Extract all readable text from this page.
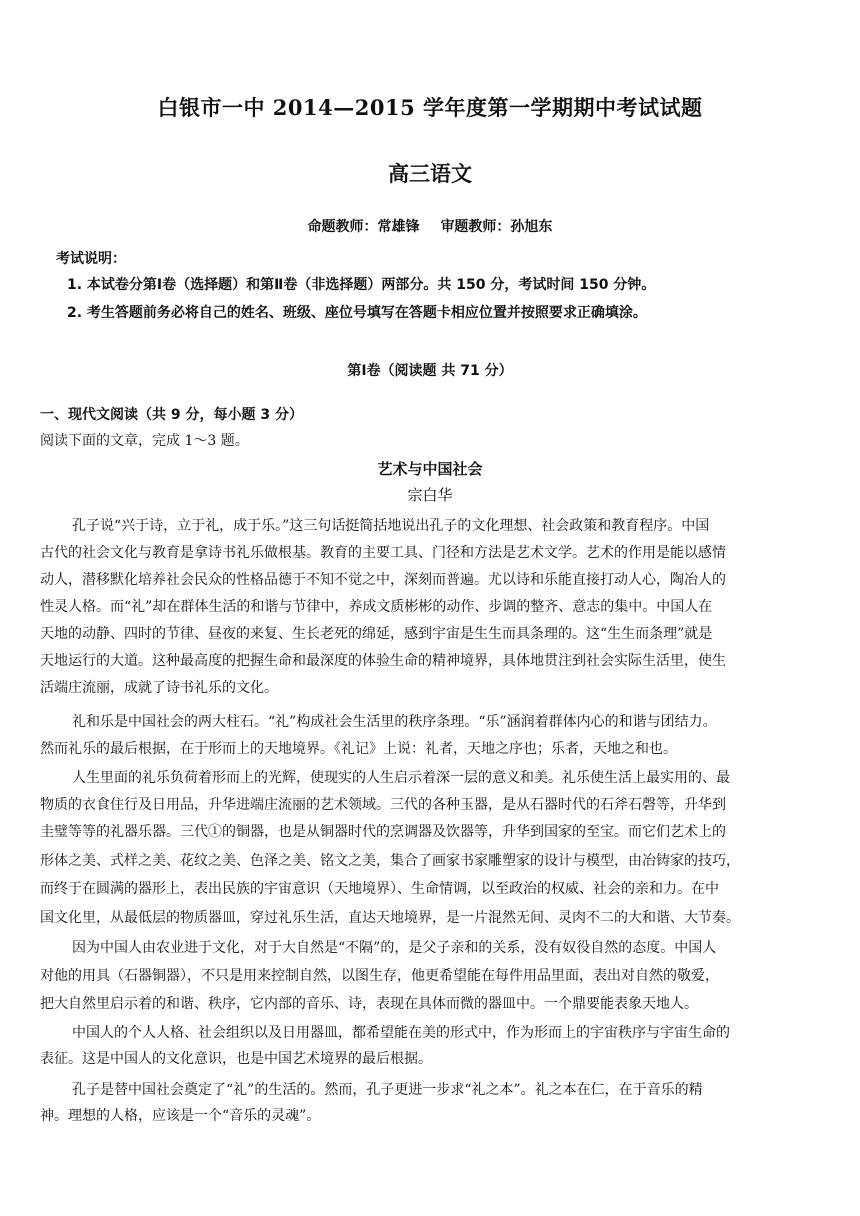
白银市一中 2014—2015 学年度第一学期期中考试试题
高三语文
命题教师：常雄锋 审题教师：孙旭东
考试说明：
1. 本试卷分第Ⅰ卷（选择题）和第Ⅱ卷（非选择题）两部分。共 150 分，考试时间 150 分钟。
2. 考生答题前务必将自己的姓名、班级、座位号填写在答题卡相应位置并按照要求正确填涂。
第Ⅰ卷（阅读题 共 71 分）
一、现代文阅读（共 9 分，每小题 3 分）
阅读下面的文章，完成 1～3 题。
艺术与中国社会
宗白华
孔子说“兴于诗，立于礼，成于乐。”这三句话挺简括地说出孔子的文化理想、社会政策和教育程序。中国
古代的社会文化与教育是拿诗书礼乐做根基。教育的主要工具、门径和方法是艺术文学。艺术的作用是能以感情
动人，潜移默化培养社会民众的性格品德于不知不觉之中，深刻而普遍。尤以诗和乐能直接打动人心，陶冶人的
性灵人格。而“礼”却在群体生活的和谐与节律中，养成文质彬彬的动作、步调的整齐、意志的集中。中国人在
天地的动静、四时的节律、昼夜的来复、生长老死的绵延，感到宇宙是生生而具条理的。这“生生而条理”就是
天地运行的大道。这种最高度的把握生命和最深度的体验生命的精神境界，具体地贯注到社会实际生活里，使生
活端庄流丽，成就了诗书礼乐的文化。
礼和乐是中国社会的两大柱石。“礼”构成社会生活里的秩序条理。“乐”涵润着群体内心的和谐与团结力。
然而礼乐的最后根据，在于形而上的天地境界。《礼记》上说：礼者，天地之序也；乐者，天地之和也。
人生里面的礼乐负荷着形而上的光辉，使现实的人生启示着深一层的意义和美。礼乐使生活上最实用的、最
物质的衣食住行及日用品，升华进端庄流丽的艺术领域。三代的各种玉器，是从石器时代的石斧石磬等，升华到
圭璧等等的礼器乐器。三代①的铜器，也是从铜器时代的烹调器及饮器等，升华到国家的至宝。而它们艺术上的
形体之美、式样之美、花纹之美、色泽之美、铭文之美，集合了画家书家雕塑家的设计与模型，由冶铸家的技巧，
而终于在圆满的器形上，表出民族的宇宙意识（天地境界）、生命情调，以至政治的权威、社会的亲和力。在中
国文化里，从最低层的物质器皿，穿过礼乐生活，直达天地境界，是一片混然无间、灵肉不二的大和谐、大节奏。
因为中国人由农业进于文化，对于大自然是“不隔”的，是父子亲和的关系，没有奴役自然的态度。中国人
对他的用具（石器铜器），不只是用来控制自然，以图生存，他更希望能在每件用品里面，表出对自然的敬爱，
把大自然里启示着的和谐、秩序，它内部的音乐、诗，表现在具体而微的器皿中。一个鼎要能表象天地人。
中国人的个人人格、社会组织以及日用器皿，都希望能在美的形式中，作为形而上的宇宙秩序与宇宙生命的
表征。这是中国人的文化意识，也是中国艺术境界的最后根据。
孔子是替中国社会奠定了“礼”的生活的。然而，孔子更进一步求“礼之本”。礼之本在仁，在于音乐的精
神。理想的人格，应该是一个“音乐的灵魂”。
